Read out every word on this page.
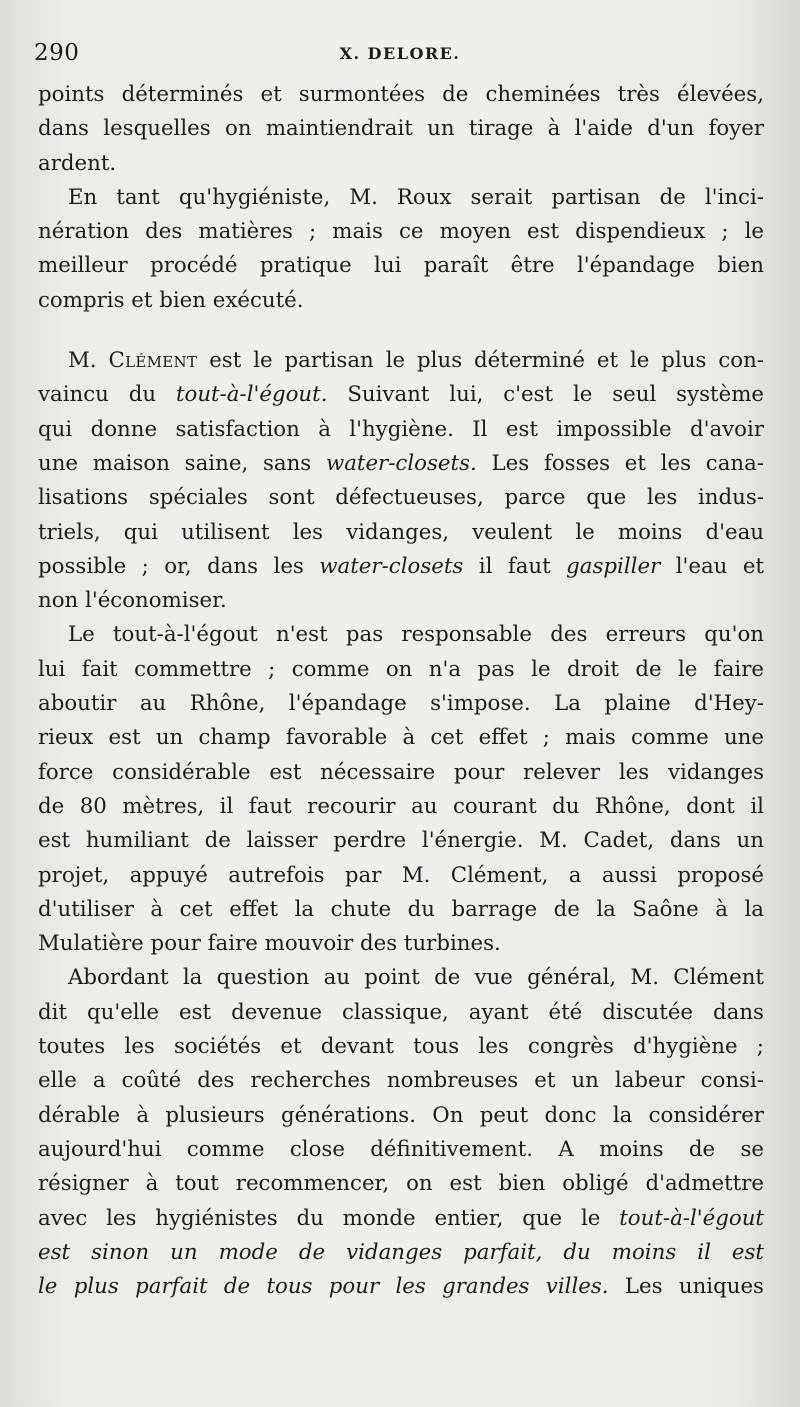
290	X. DELORE.
points déterminés et surmontées de cheminées très élevées,
dans lesquelles on maintiendrait un tirage à l'aide d'un foyer
ardent.
En tant qu'hygiéniste, M. Roux serait partisan de l'inci-
nération des matières ; mais ce moyen est dispendieux ; le
meilleur procédé pratique lui paraît être l'épandage bien
compris et bien exécuté.
M. Clément est le partisan le plus déterminé et le plus con-
vaincu du tout-à-l'égout. Suivant lui, c'est le seul système
qui donne satisfaction à l'hygiène. Il est impossible d'avoir
une maison saine, sans water-closets. Les fosses et les cana-
lisations spéciales sont défectueuses, parce que les indus-
triels, qui utilisent les vidanges, veulent le moins d'eau
possible ; or, dans les water-closets il faut gaspiller l'eau et
non l'économiser.
Le tout-à-l'égout n'est pas responsable des erreurs qu'on
lui fait commettre ; comme on n'a pas le droit de le faire
aboutir au Rhône, l'épandage s'impose. La plaine d'Hey-
rieux est un champ favorable à cet effet ; mais comme une
force considérable est nécessaire pour relever les vidanges
de 80 mètres, il faut recourir au courant du Rhône, dont il
est humiliant de laisser perdre l'énergie. M. Cadet, dans un
projet, appuyé autrefois par M. Clément, a aussi proposé
d'utiliser à cet effet la chute du barrage de la Saône à la
Mulatière pour faire mouvoir des turbines.
Abordant la question au point de vue général, M. Clément
dit qu'elle est devenue classique, ayant été discutée dans
toutes les sociétés et devant tous les congrès d'hygiène ;
elle a coûté des recherches nombreuses et un labeur consi-
dérable à plusieurs générations. On peut donc la considérer
aujourd'hui comme close définitivement. A moins de se
résigner à tout recommencer, on est bien obligé d'admettre
avec les hygiénistes du monde entier, que le tout-à-l'égout
est sinon un mode de vidanges parfait, du moins il est
le plus parfait de tous pour les grandes villes. Les uniques
